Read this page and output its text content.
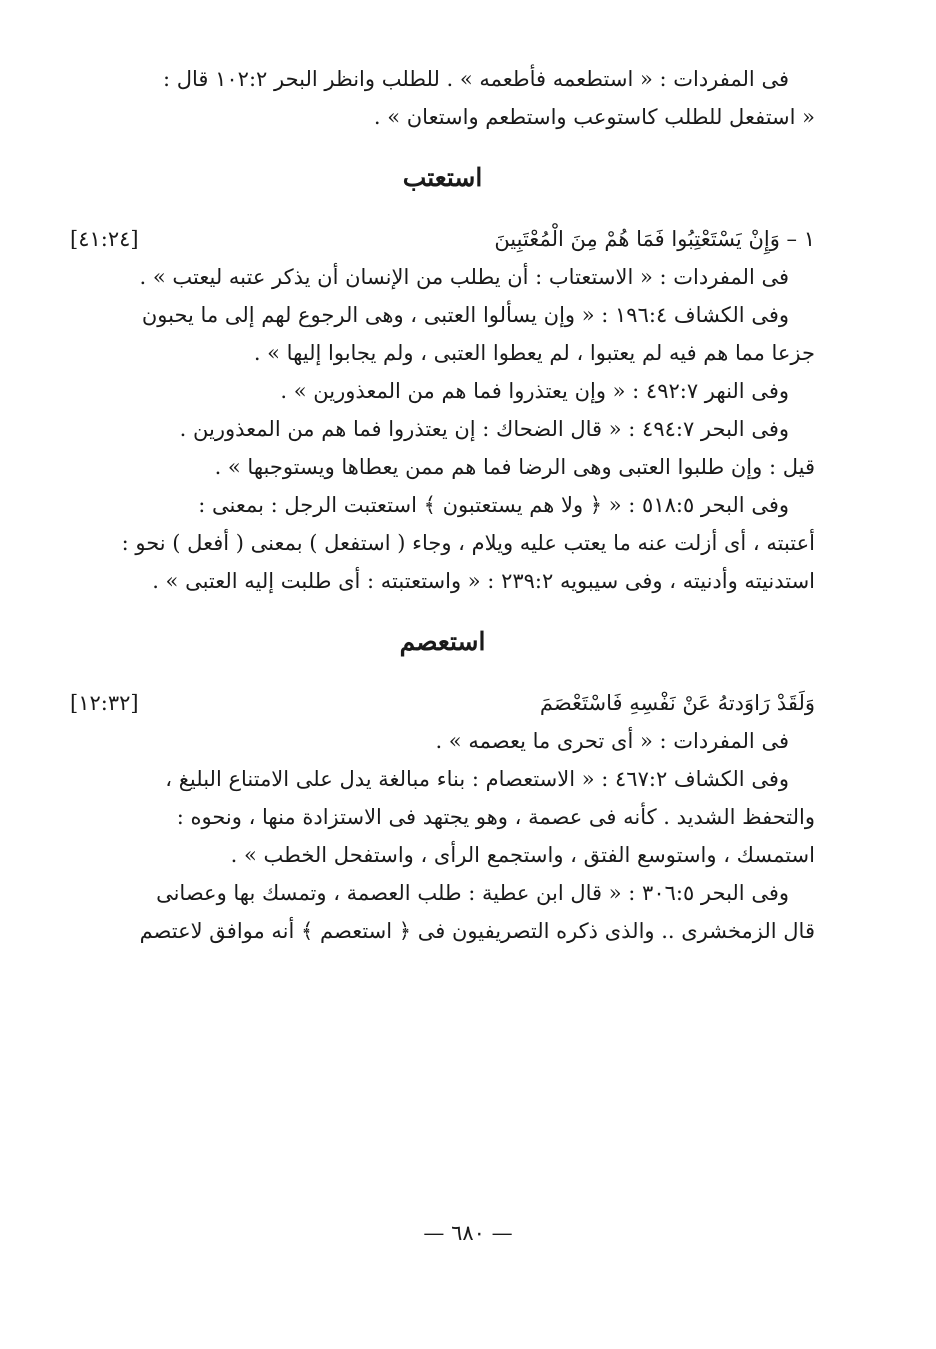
فى المفردات : « استطعمه فأطعمه » . للطلب وانظر البحر ١٠٢:٢ قال :
« استفعل للطلب كاستوعب واستطعم واستعان » .
استعتب
١ – وَإِنْ يَسْتَعْتِبُوا فَمَا هُمْ مِنَ الْمُعْتَبِينَ
[٤١:٢٤]
فى المفردات : « الاستعتاب : أن يطلب من الإنسان أن يذكر عتبه ليعتب » .
وفى الكشاف ١٩٦:٤ : « وإن يسألوا العتبى ، وهى الرجوع لهم إلى ما يحبون
جزعا مما هم فيه لم يعتبوا ، لم يعطوا العتبى ، ولم يجابوا إليها » .
وفى النهر ٤٩٢:٧ : « وإن يعتذروا فما هم من المعذورين » .
وفى البحر ٤٩٤:٧ : « قال الضحاك : إن يعتذروا فما هم من المعذورين .
قيل : وإن طلبوا العتبى وهى الرضا فما هم ممن يعطاها ويستوجبها » .
وفى البحر ٥١٨:٥ : « ﴿ ولا هم يستعتبون ﴾ استعتبت الرجل : بمعنى :
أعتبته ، أى أزلت عنه ما يعتب عليه ويلام ، وجاء ( استفعل ) بمعنى ( أفعل ) نحو :
استدنيته وأدنيته ، وفى سيبويه ٢٣٩:٢ : « واستعتبته : أى طلبت إليه العتبى » .
استعصم
وَلَقَدْ رَاوَدتهُ عَنْ نَفْسِهِ فَاسْتَعْصَمَ
[١٢:٣٢]
فى المفردات : « أى تحرى ما يعصمه » .
وفى الكشاف ٤٦٧:٢ : « الاستعصام : بناء مبالغة يدل على الامتناع البليغ ،
والتحفظ الشديد . كأنه فى عصمة ، وهو يجتهد فى الاستزادة منها ، ونحوه :
استمسك ، واستوسع الفتق ، واستجمع الرأى ، واستفحل الخطب » .
وفى البحر ٣٠٦:٥ : « قال ابن عطية : طلب العصمة ، وتمسك بها وعصانى
قال الزمخشرى .. والذى ذكره التصريفيون فى ﴿ استعصم ﴾ أنه موافق لاعتصم
— ٦٨٠ —
